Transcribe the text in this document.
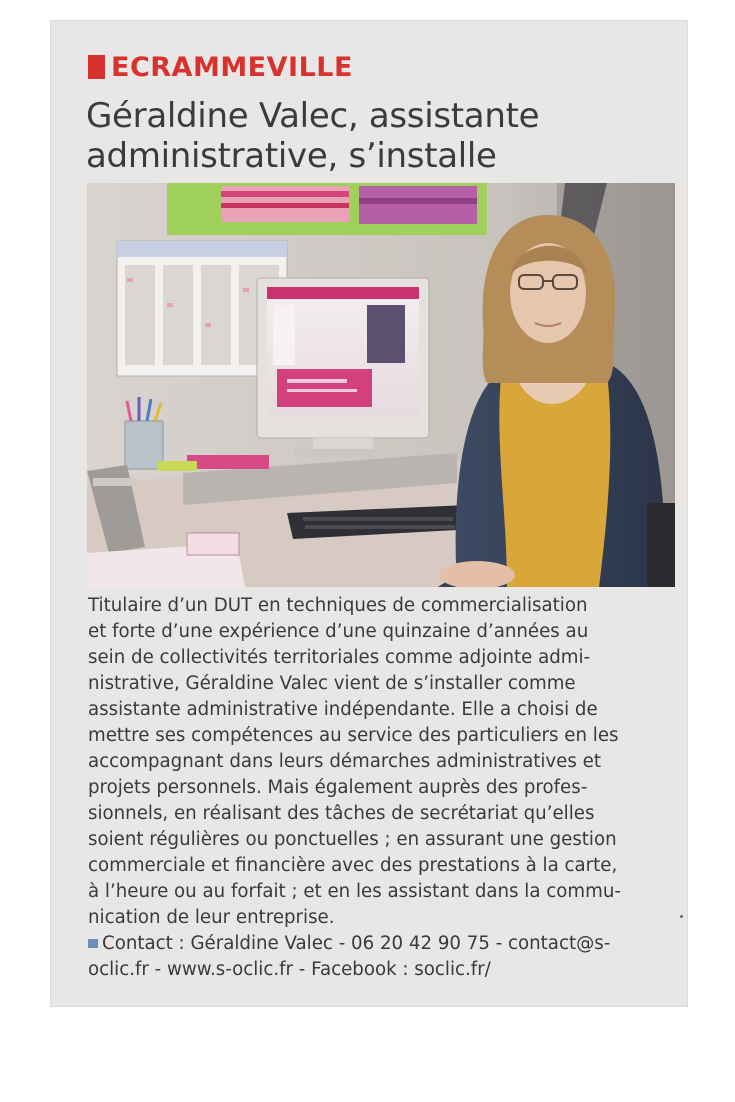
ECRAMMEVILLE
Géraldine Valec, assistante
administrative, s’installe
Titulaire d’un DUT en techniques de commercialisation
et forte d’une expérience d’une quinzaine d’années au
sein de collectivités territoriales comme adjointe admi-
nistrative, Géraldine Valec vient de s’installer comme
assistante administrative indépendante. Elle a choisi de
mettre ses compétences au service des particuliers en les
accompagnant dans leurs démarches administratives et
projets personnels. Mais également auprès des profes-
sionnels, en réalisant des tâches de secrétariat qu’elles
soient régulières ou ponctuelles ; en assurant une gestion
commerciale et financière avec des prestations à la carte,
à l’heure ou au forfait ; et en les assistant dans la commu-
nication de leur entreprise.
Contact : Géraldine Valec - 06 20 42 90 75 - contact@s-
oclic.fr - www.s-oclic.fr - Facebook : soclic.fr/
